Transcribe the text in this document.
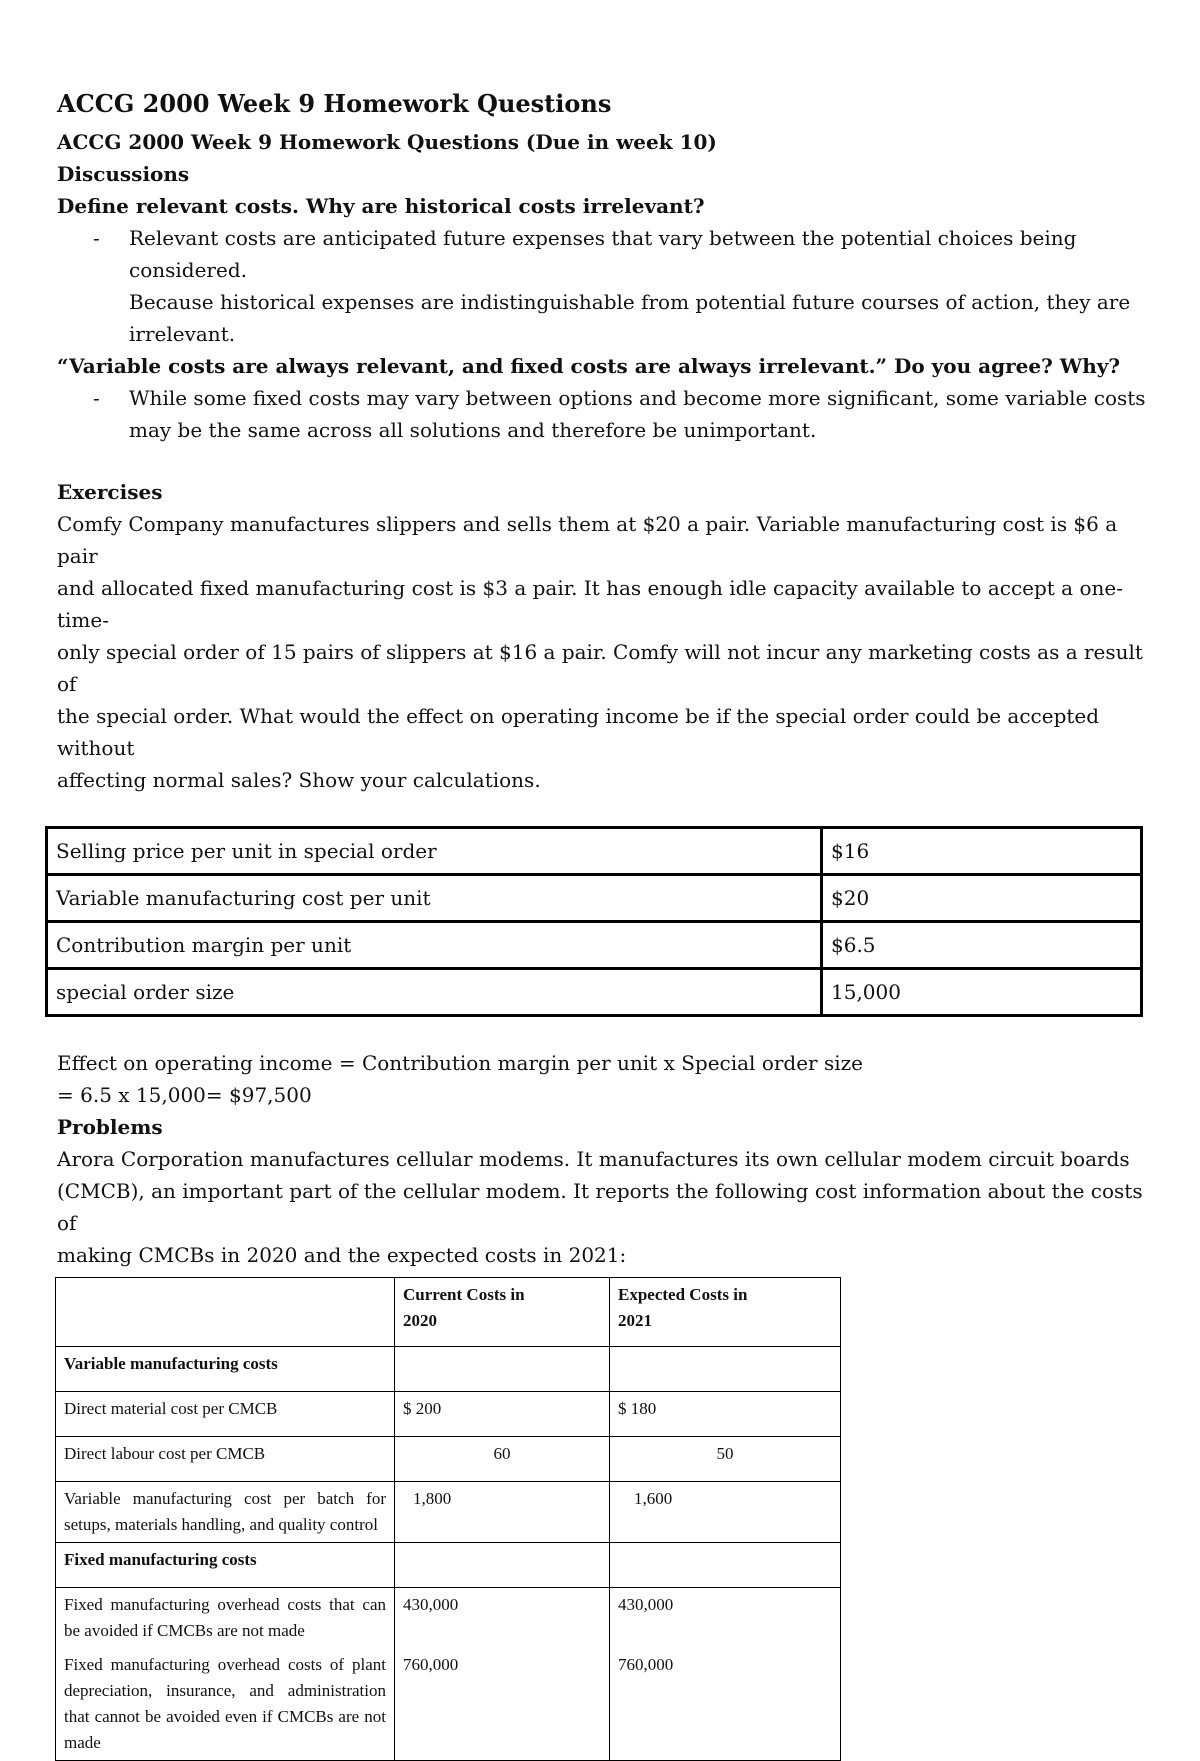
ACCG 2000 Week 9 Homework Questions

ACCG 2000 Week 9 Homework Questions (Due in week 10)

Discussions

Define relevant costs. Why are historical costs irrelevant?

-	Relevant costs are anticipated future expenses that vary between the potential choices being considered.
Because historical expenses are indistinguishable from potential future courses of action, they are
irrelevant.

“Variable costs are always relevant, and fixed costs are always irrelevant.” Do you agree? Why?

-	While some fixed costs may vary between options and become more significant, some variable costs
may be the same across all solutions and therefore be unimportant.

Exercises

Comfy Company manufactures slippers and sells them at $20 a pair. Variable manufacturing cost is $6 a pair
and allocated fixed manufacturing cost is $3 a pair. It has enough idle capacity available to accept a one-time-
only special order of 15 pairs of slippers at $16 a pair. Comfy will not incur any marketing costs as a result of
the special order. What would the effect on operating income be if the special order could be accepted without
affecting normal sales? Show your calculations.

Selling price per unit in special order	$16
Variable manufacturing cost per unit	$20
Contribution margin per unit	$6.5
special order size	15,000

Effect on operating income = Contribution margin per unit x Special order size

= 6.5 x 15,000= $97,500

Problems

Arora Corporation manufactures cellular modems. It manufactures its own cellular modem circuit boards
(CMCB), an important part of the cellular modem. It reports the following cost information about the costs of
making CMCBs in 2020 and the expected costs in 2021:

	Current Costs in
2020	Expected Costs in
2021
Variable manufacturing costs		
Direct material cost per CMCB	$ 200	$ 180
Direct labour cost per CMCB	60	50
Variable manufacturing cost per batch for setups, materials handling, and quality control	1,800	1,600
Fixed manufacturing costs		
Fixed manufacturing overhead costs that can be avoided if CMCBs are not made	430,000	430,000
Fixed manufacturing overhead costs of plant depreciation, insurance, and administration that cannot be avoided even if CMCBs are not made	760,000	760,000
